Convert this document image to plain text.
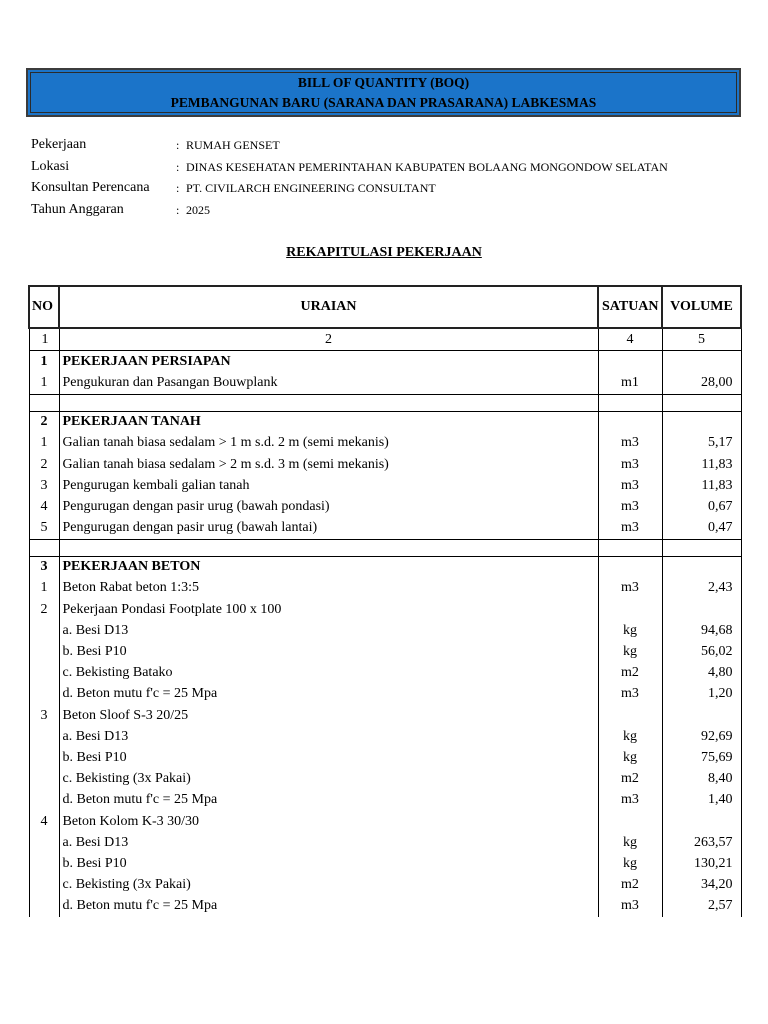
BILL OF QUANTITY (BOQ)
PEMBANGUNAN BARU (SARANA DAN PRASARANA) LABKESMAS
Pekerjaan	: RUMAH GENSET
Lokasi	: DINAS KESEHATAN PEMERINTAHAN KABUPATEN BOLAANG MONGONDOW SELATAN
Konsultan Perencana : PT. CIVILARCH ENGINEERING CONSULTANT
Tahun Anggaran	: 2025
REKAPITULASI PEKERJAAN
NO	URAIAN	SATUAN	VOLUME
1	2	4	5
1	PEKERJAAN PERSIAPAN		
1	Pengukuran dan Pasangan Bouwplank	m1	28,00

2	PEKERJAAN TANAH		
1	Galian tanah biasa sedalam > 1 m s.d. 2 m (semi mekanis)	m3	5,17
2	Galian tanah biasa sedalam > 2 m s.d. 3 m (semi mekanis)	m3	11,83
3	Pengurugan kembali galian tanah	m3	11,83
4	Pengurugan dengan pasir urug (bawah pondasi)	m3	0,67
5	Pengurugan dengan pasir urug (bawah lantai)	m3	0,47

3	PEKERJAAN BETON		
1	Beton Rabat beton 1:3:5	m3	2,43
2	Pekerjaan Pondasi Footplate 100 x 100		
	a. Besi D13	kg	94,68
	b. Besi P10	kg	56,02
	c. Bekisting Batako	m2	4,80
	d. Beton mutu f'c = 25 Mpa	m3	1,20
3	Beton Sloof S-3 20/25		
	a. Besi D13	kg	92,69
	b. Besi P10	kg	75,69
	c. Bekisting (3x Pakai)	m2	8,40
	d. Beton mutu f'c = 25 Mpa	m3	1,40
4	Beton Kolom K-3 30/30		
	a. Besi D13	kg	263,57
	b. Besi P10	kg	130,21
	c. Bekisting (3x Pakai)	m2	34,20
	d. Beton mutu f'c = 25 Mpa	m3	2,57
